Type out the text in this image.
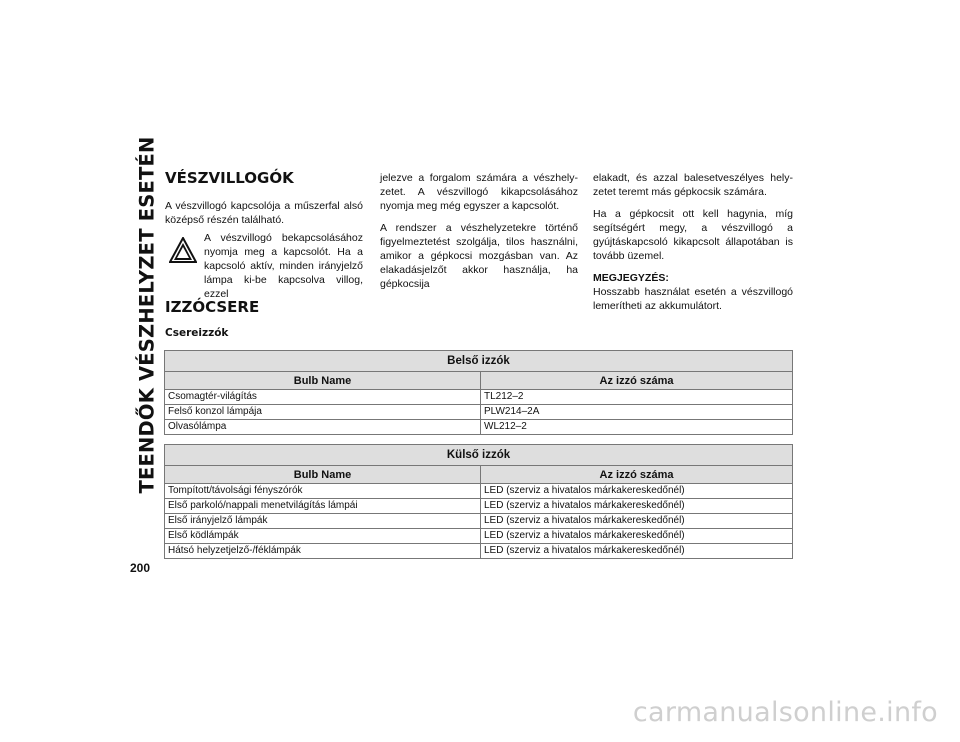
TEENDŐK VÉSZHELYZET ESETÉN
200
VÉSZVILLOGÓK

A vészvillogó kapcsolója a műszerfal alsó középső részén található.

A vészvillogó bekapcsolásához nyomja meg a kapcsolót. Ha a kapcsoló aktív, minden irányjelző lámpa ki-be kapcsolva villog, ezzel

jelezve a forgalom számára a vészhelyzetet. A vészvillogó kikapcsolásához nyomja meg még egyszer a kapcsolót.

A rendszer a vészhelyzetekre történő figyelmeztetést szolgálja, tilos használni, amikor a gépkocsi mozgásban van. Az elakadásjelzőt akkor használja, ha gépkocsija

elakadt, és azzal balesetveszélyes helyzetet teremt más gépkocsik számára.

Ha a gépkocsit ott kell hagynia, míg segítségért megy, a vészvillogó a gyújtáskapcsoló kikapcsolt állapotában is tovább üzemel.

MEGJEGYZÉS:
Hosszabb használat esetén a vészvillogó lemerítheti az akkumulátort.
IZZÓCSERE
Csereizzók
Belső izzók	
Bulb Name	Az izzó száma
Csomagtér-világítás	TL212–2
Felső konzol lámpája	PLW214–2A
Olvasólámpa	WL212–2
Külső izzók	
Bulb Name	Az izzó száma
Tompított/távolsági fényszórók	LED (szerviz a hivatalos márkakereskedőnél)
Első parkoló/nappali menetvilágítás lámpái	LED (szerviz a hivatalos márkakereskedőnél)
Első irányjelző lámpák	LED (szerviz a hivatalos márkakereskedőnél)
Első ködlámpák	LED (szerviz a hivatalos márkakereskedőnél)
Hátsó helyzetjelző-/féklámpák	LED (szerviz a hivatalos márkakereskedőnél)
carmanualsonline.info
